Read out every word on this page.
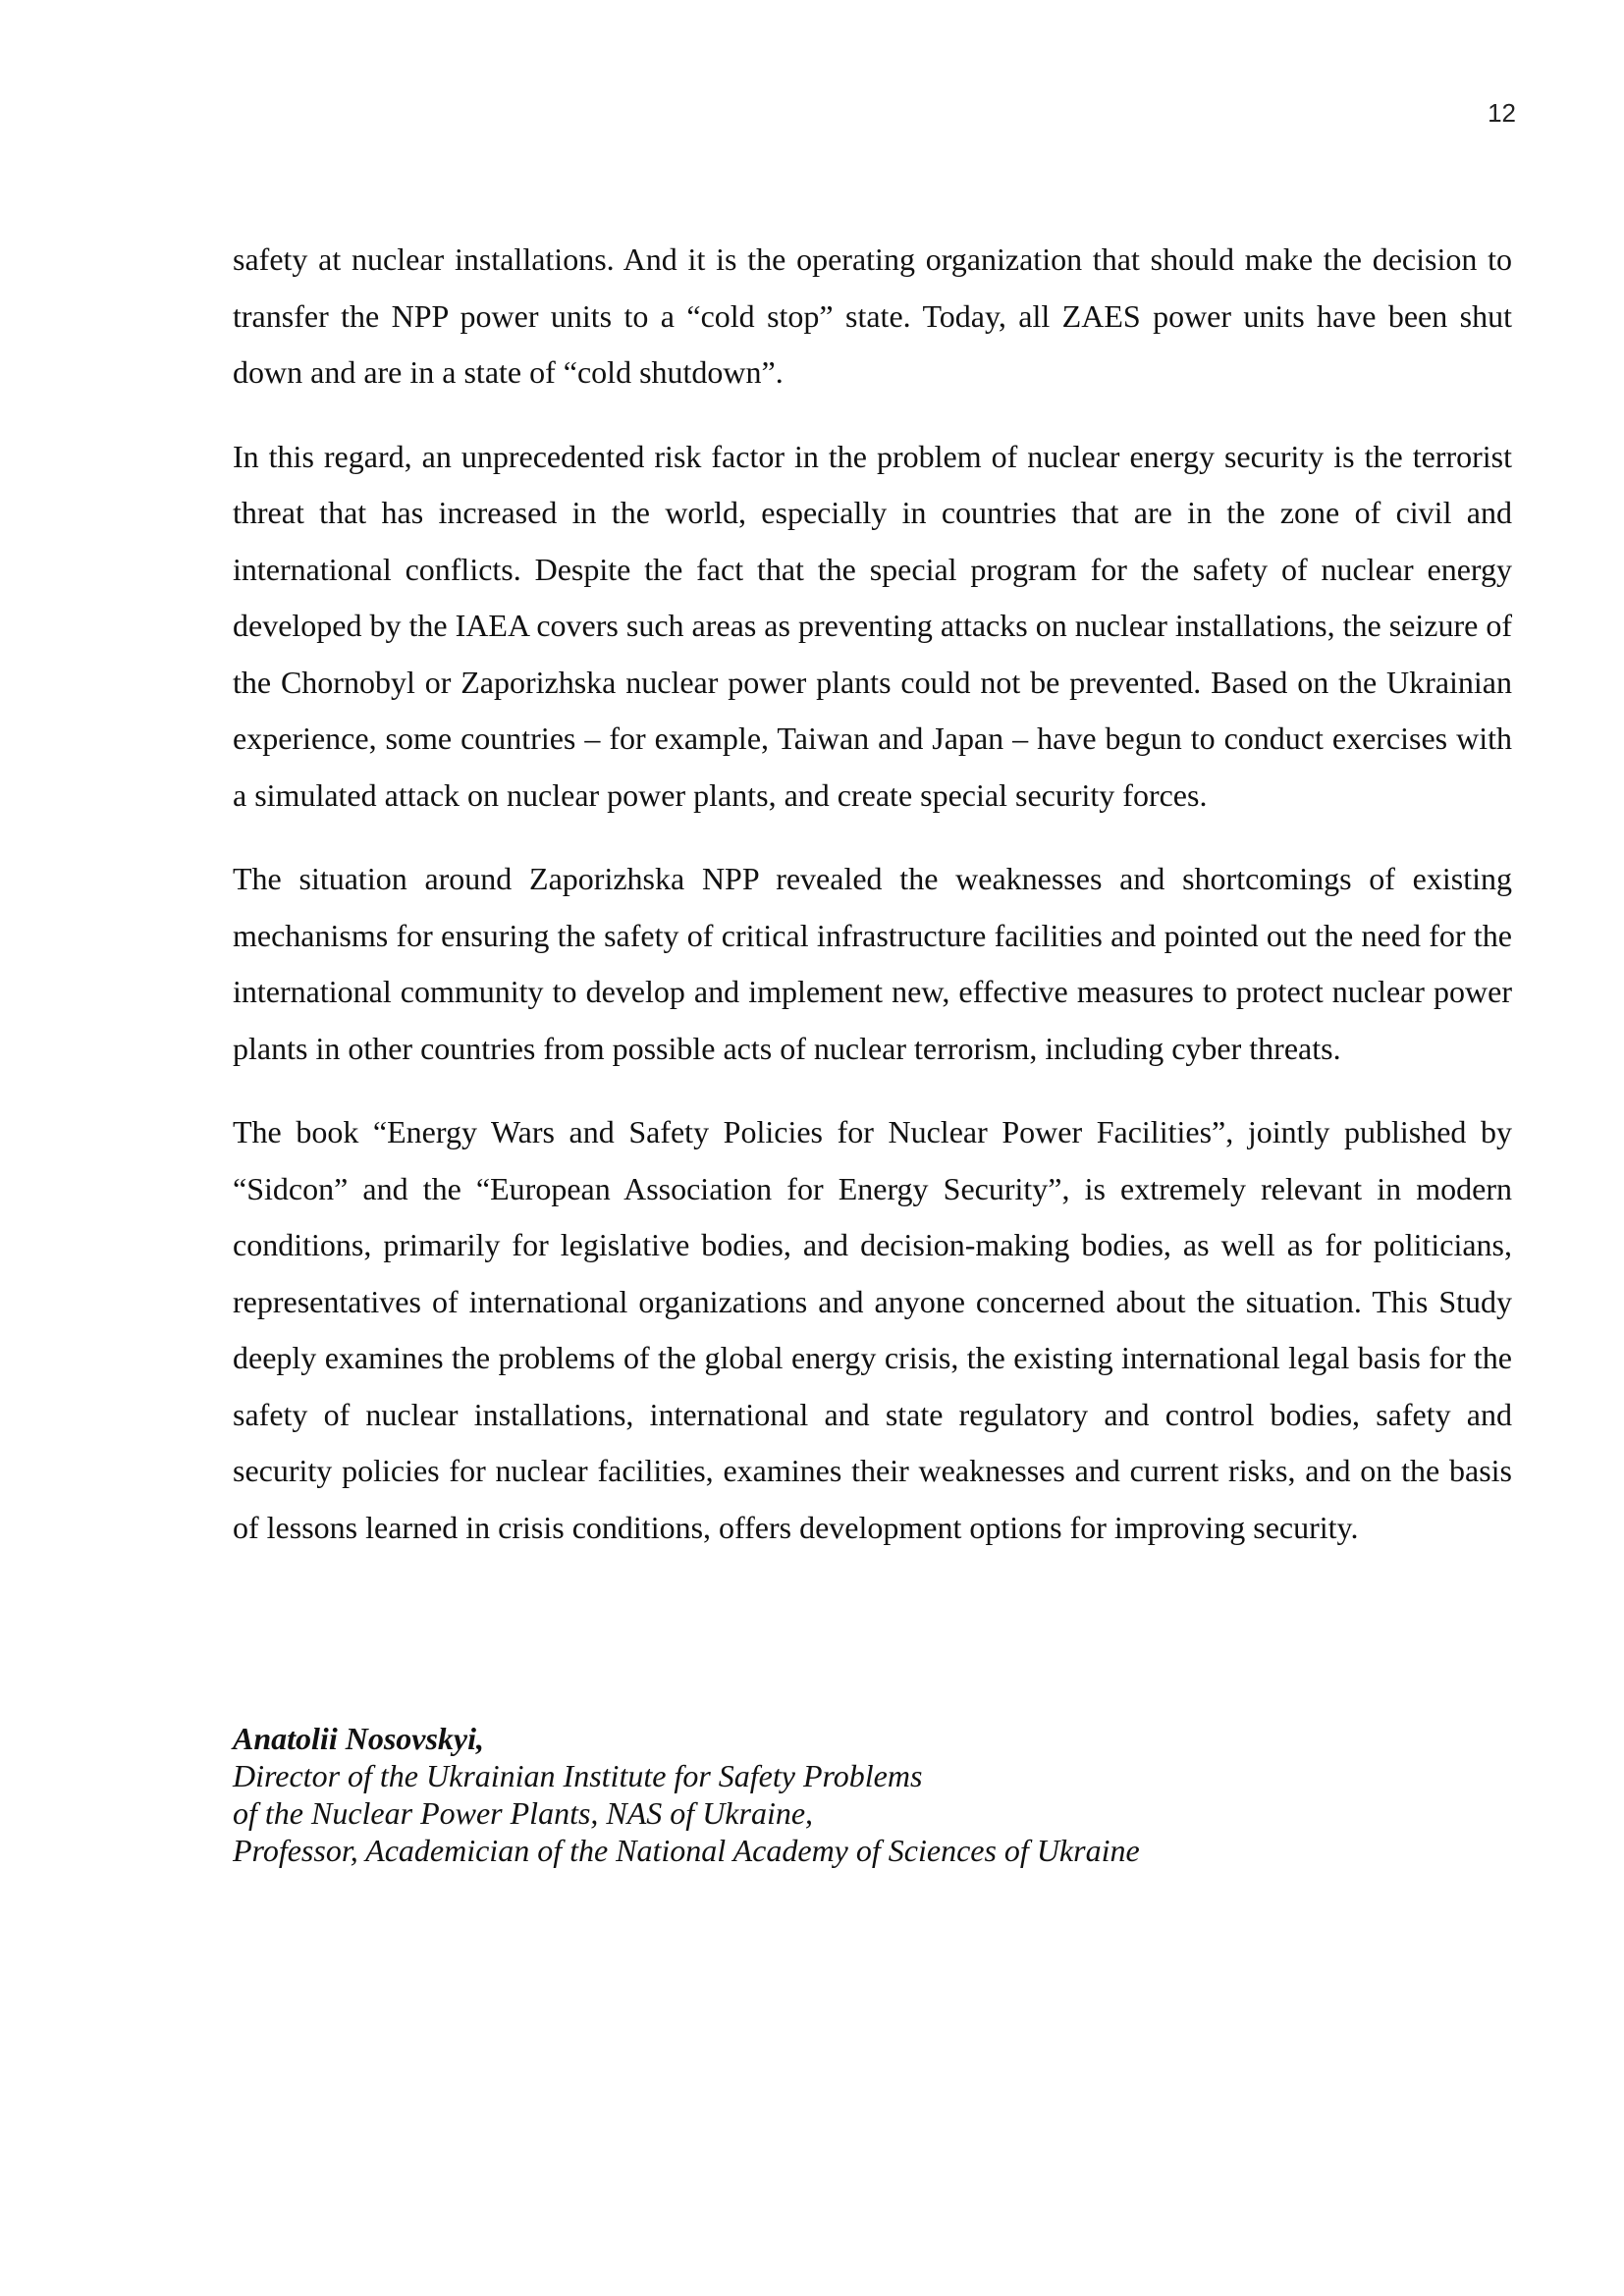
12

safety at nuclear installations. And it is the operating organization that should make the decision to transfer the NPP power units to a “cold stop” state. Today, all ZAES power units have been shut down and are in a state of “cold shutdown”.

In this regard, an unprecedented risk factor in the problem of nuclear energy security is the terrorist threat that has increased in the world, especially in countries that are in the zone of civil and international conflicts. Despite the fact that the special program for the safety of nuclear energy developed by the IAEA covers such areas as preventing attacks on nuclear installations, the seizure of the Chornobyl or Zaporizhska nuclear power plants could not be prevented. Based on the Ukrainian experience, some countries – for example, Taiwan and Japan – have begun to conduct exercises with a simulated attack on nuclear power plants, and create special security forces.

The situation around Zaporizhska NPP revealed the weaknesses and shortcomings of existing mechanisms for ensuring the safety of critical infrastructure facilities and pointed out the need for the international community to develop and implement new, effective measures to protect nuclear power plants in other countries from possible acts of nuclear terrorism, including cyber threats.

The book “Energy Wars and Safety Policies for Nuclear Power Facilities”, jointly published by “Sidcon” and the “European Association for Energy Security”, is extremely relevant in modern conditions, primarily for legislative bodies, and decision-making bodies, as well as for politicians, representatives of international organizations and anyone concerned about the situation. This Study deeply examines the problems of the global energy crisis, the existing international legal basis for the safety of nuclear installations, international and state regulatory and control bodies, safety and security policies for nuclear facilities, examines their weaknesses and current risks, and on the basis of lessons learned in crisis conditions, offers development options for improving security.

Anatolii Nosovskyi,
Director of the Ukrainian Institute for Safety Problems
of the Nuclear Power Plants, NAS of Ukraine,
Professor, Academician of the National Academy of Sciences of Ukraine
